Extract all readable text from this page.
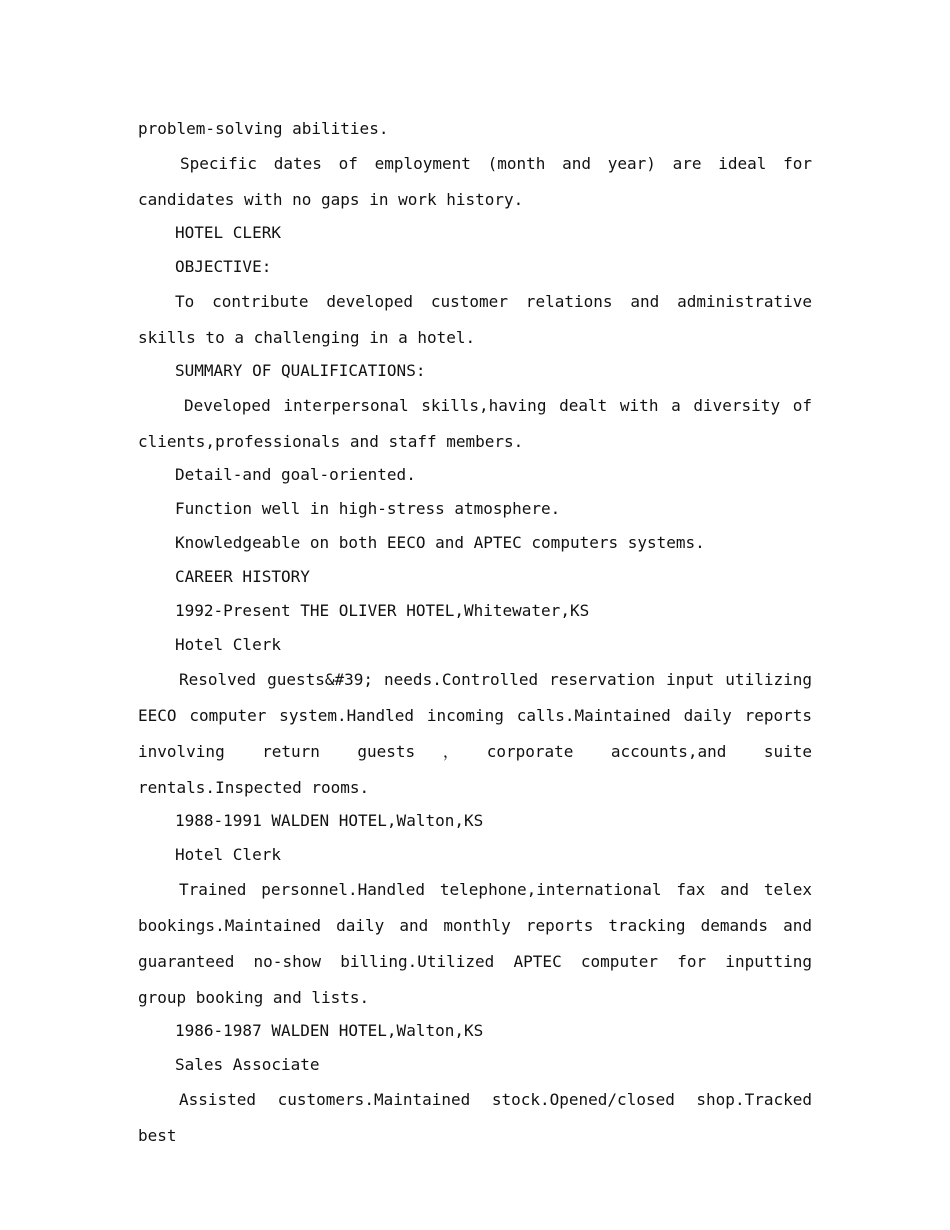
problem-solving abilities.
Specific dates of employment (month and year) are ideal for candidates with no gaps in work history.
HOTEL CLERK
OBJECTIVE:
To contribute developed customer relations and administrative skills to a challenging in a hotel.
SUMMARY OF QUALIFICATIONS:
Developed interpersonal skills,having dealt with a diversity of clients,professionals and staff members.
Detail-and goal-oriented.
Function well in high-stress atmosphere.
Knowledgeable on both EECO and APTEC computers systems.
CAREER HISTORY
1992-Present THE OLIVER HOTEL,Whitewater,KS
Hotel Clerk
Resolved guests&#39; needs.Controlled reservation input utilizing EECO computer system.Handled incoming calls.Maintained daily reports involving return guests，corporate accounts,and suite rentals.Inspected rooms.
1988-1991 WALDEN HOTEL,Walton,KS
Hotel Clerk
Trained personnel.Handled telephone,international fax and telex bookings.Maintained daily and monthly reports tracking demands and guaranteed no-show billing.Utilized APTEC computer for inputting group booking and lists.
1986-1987 WALDEN HOTEL,Walton,KS
Sales Associate
Assisted customers.Maintained stock.Opened/closed shop.Tracked best
